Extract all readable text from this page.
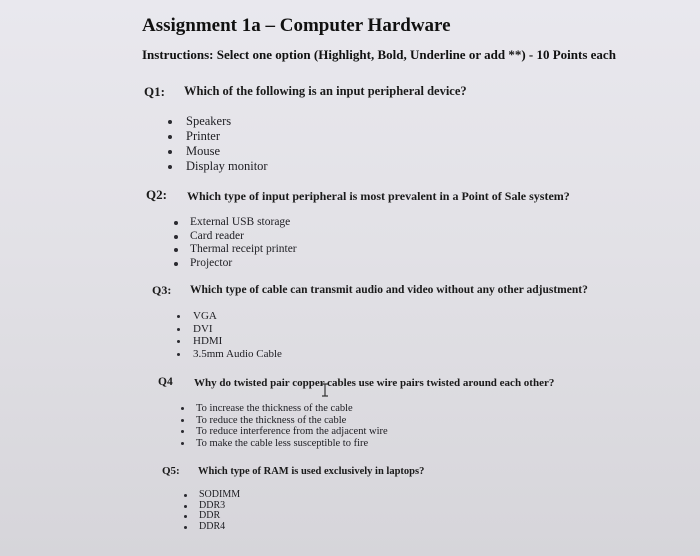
Assignment 1a – Computer Hardware
Instructions: Select one option (Highlight, Bold, Underline or add **) - 10 Points each
Q1: Which of the following is an input peripheral device?
Speakers
Printer
Mouse
Display monitor
Q2: Which type of input peripheral is most prevalent in a Point of Sale system?
External USB storage
Card reader
Thermal receipt printer
Projector
Q3: Which type of cable can transmit audio and video without any other adjustment?
VGA
DVI
HDMI
3.5mm Audio Cable
Q4 Why do twisted pair copper cables use wire pairs twisted around each other?
To increase the thickness of the cable
To reduce the thickness of the cable
To reduce interference from the adjacent wire
To make the cable less susceptible to fire
Q5: Which type of RAM is used exclusively in laptops?
SODIMM
DDR3
DDR
DDR4
